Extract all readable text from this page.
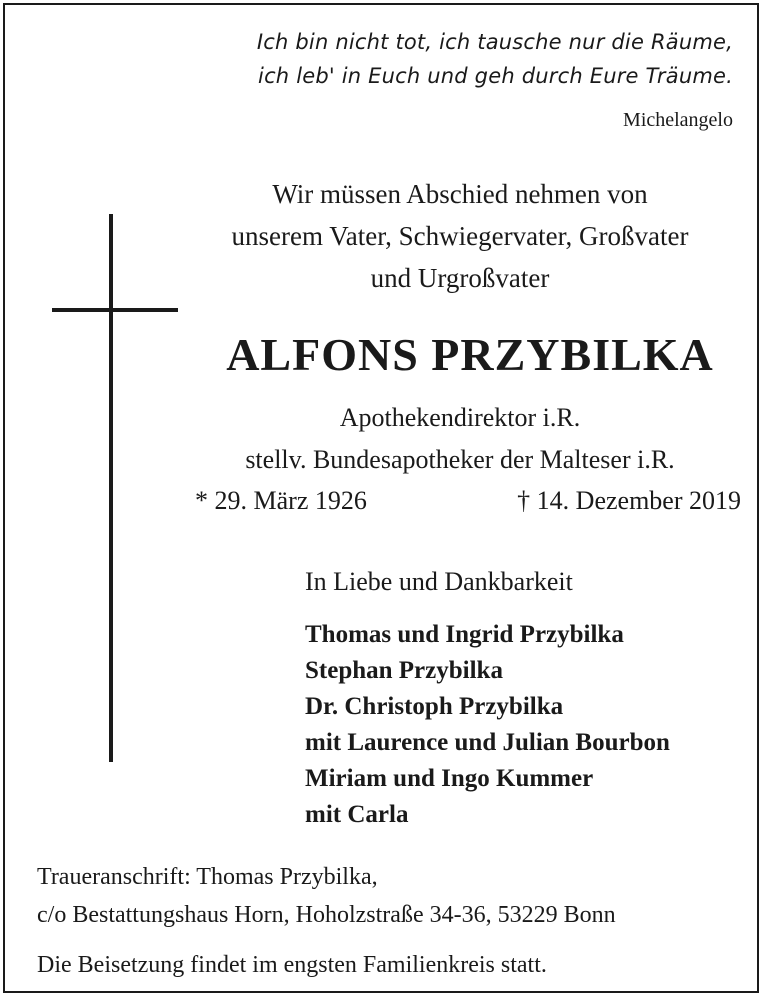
Ich bin nicht tot, ich tausche nur die Räume,
ich leb' in Euch und geh durch Eure Träume.
Michelangelo
Wir müssen Abschied nehmen von
unserem Vater, Schwiegervater, Großvater
und Urgroßvater
ALFONS PRZYBILKA
Apothekendirektor i.R.
stellv. Bundesapotheker der Malteser i.R.
* 29. März 1926	† 14. Dezember 2019
In Liebe und Dankbarkeit
Thomas und Ingrid Przybilka
Stephan Przybilka
Dr. Christoph Przybilka
mit Laurence und Julian Bourbon
Miriam und Ingo Kummer
mit Carla
Traueranschrift: Thomas Przybilka,
c/o Bestattungshaus Horn, Hoholzstraße 34-36, 53229 Bonn
Die Beisetzung findet im engsten Familienkreis statt.
